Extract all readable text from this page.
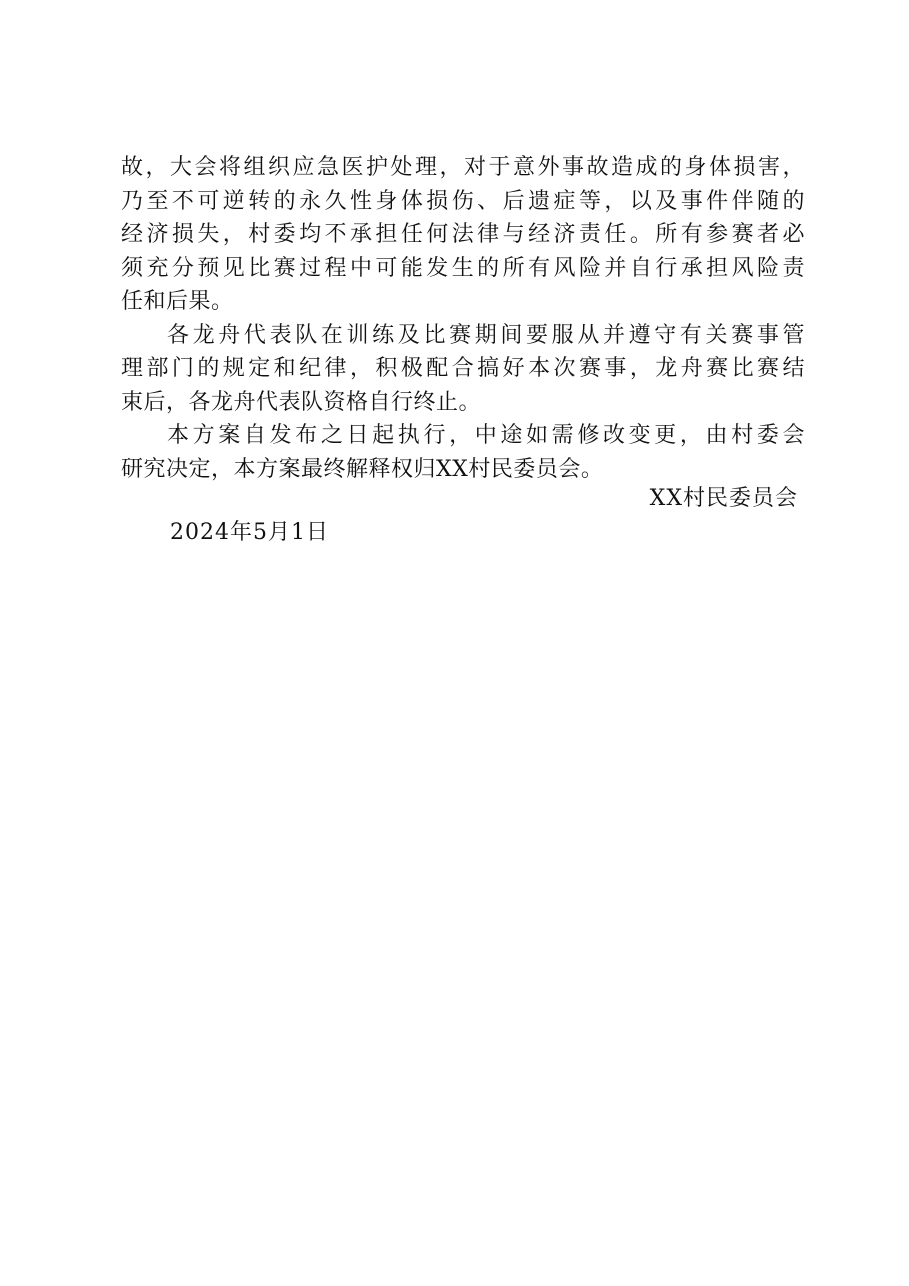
故，大会将组织应急医护处理，对于意外事故造成的身体损害，
乃至不可逆转的永久性身体损伤、后遗症等，以及事件伴随的
经济损失，村委均不承担任何法律与经济责任。所有参赛者必
须充分预见比赛过程中可能发生的所有风险并自行承担风险责
任和后果。

各龙舟代表队在训练及比赛期间要服从并遵守有关赛事管
理部门的规定和纪律，积极配合搞好本次赛事，龙舟赛比赛结
束后，各龙舟代表队资格自行终止。

本方案自发布之日起执行，中途如需修改变更，由村委会
研究决定，本方案最终解释权归XX村民委员会。

XX村民委员会
2024年5月1日
